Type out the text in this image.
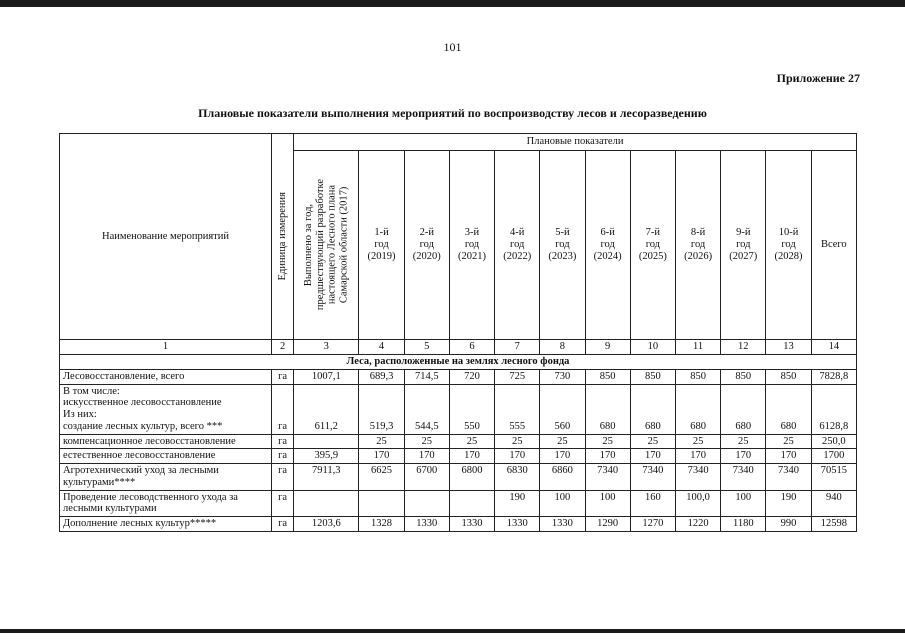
101
Приложение 27
Плановые показатели выполнения мероприятий по воспроизводству лесов и лесоразведению
Наименование мероприятий	Единица измерения	Плановые показатели											

		Выполнено за год,
предшествующий разработке
настоящего Лесного плана
Самарской области (2017)	1-й
год
(2019)	2-й
год
(2020)	3-й
год
(2021)	4-й
год
(2022)	5-й
год
(2023)	6-й
год
(2024)	7-й
год
(2025)	8-й
год
(2026)	9-й
год
(2027)	10-й
год
(2028)	Всего
1	2	3	4	5	6	7	8	9	10	11	12	13	14
Леса, расположенные на землях лесного фонда													
Лесовосстановление, всего	га	1007,1	689,3	714,5	720	725	730	850	850	850	850	850	7828,8
В том числе:
искусственное лесовосстановление
Из них:
создание лесных культур, всего ***	га	611,2	519,3	544,5	550	555	560	680	680	680	680	680	6128,8
компенсационное лесовосстановление	га		25	25	25	25	25	25	25	25	25	25	250,0
естественное лесовосстановление	га	395,9	170	170	170	170	170	170	170	170	170	170	1700
Агротехнический уход за лесными культурами****	га	7911,3	6625	6700	6800	6830	6860	7340	7340	7340	7340	7340	70515
Проведение лесоводственного ухода за лесными культурами	га					190	100	100	160	100,0	100	190	940
Дополнение лесных культур*****	га	1203,6	1328	1330	1330	1330	1330	1290	1270	1220	1180	990	12598
